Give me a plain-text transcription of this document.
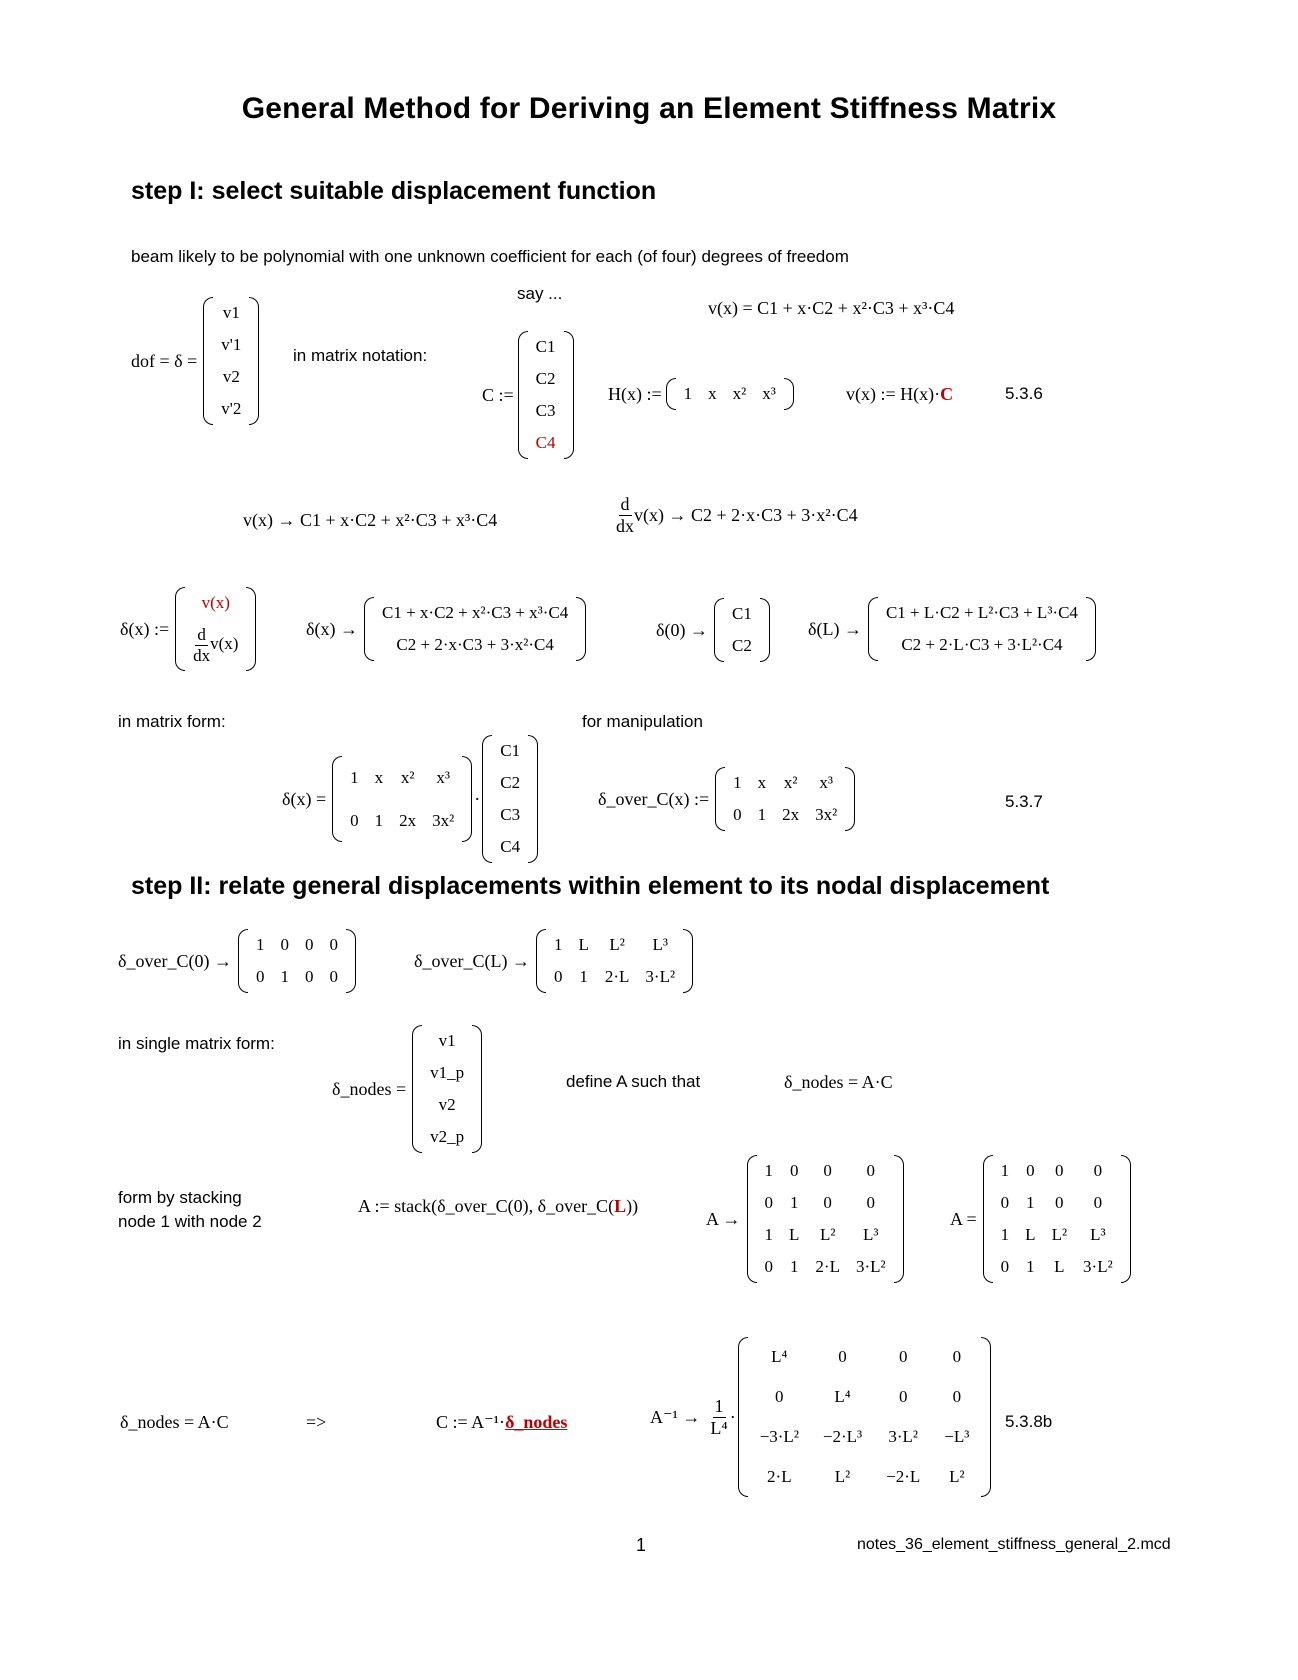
General Method for Deriving an Element Stiffness Matrix
step I: select suitable displacement function
beam likely to be polynomial with one unknown coefficient for each (of four) degrees of freedom
dof = δ =
v1
v'1
v2
v'2
in matrix notation:
say ...
v(x) = C1 + x·C2 + x²·C3 + x³·C4
C :=
C1
C2
C3
C4
H(x) := 1	x	x²	x³	v(x) := H(x)·C	5.3.6
v(x) → C1 + x·C2 + x²·C3 + x³·C4	$\frac{d}{dx} v(x) \to C2 + 2\cdot x\cdot C3 + 3\cdot x^2\cdot C4$
δ(x) :=
v(x)

$\frac{d}{dx} v(x)$
δ(x) →
C1 + x·C2 + x²·C3 + x³·C4
C2 + 2·x·C3 + 3·x²·C4
δ(0) →
C1
C2
δ(L) →
C1 + L·C2 + L²·C3 + L³·C4
C2 + 2·L·C3 + 3·L²·C4
in matrix form:	for manipulation
δ(x) =
1	x	x²	x³
0	1	2x	3x²
·
C1
C2
C3
C4
δ_over_C(x) :=
1	x	x²	x³
0	1	2x	3x²
5.3.7
step II: relate general displacements within element to its nodal displacement
δ_over_C(0) →
1	0	0	0
0	1	0	0
δ_over_C(L) →
1	L	L²	L³
0	1	2·L	3·L²
in single matrix form:
δ_nodes =
v1
v1_p
v2
v2_p
define A such that	δ_nodes = A·C
form by stacking
node 1 with node 2
A := stack(δ_over_C(0), δ_over_C(L))
A →
1	0	0	0
0	1	0	0
1	L	L²	L³
0	1	2·L	3·L²
A =
1	0	0	0
0	1	0	0
1	L	L²	L³
0	1	L	3·L²
δ_nodes = A·C	=>	C := A⁻¹·δ_nodes	$A^{-1} \to \frac{1}{\text{L⁴}}$ ·
L⁴	0	0	0
0	L⁴	0	0
−3·L²	−2·L³	3·L²	−L³
2·L	L²	−2·L	L²
5.3.8b
1	notes_36_element_stiffness_general_2.mcd
